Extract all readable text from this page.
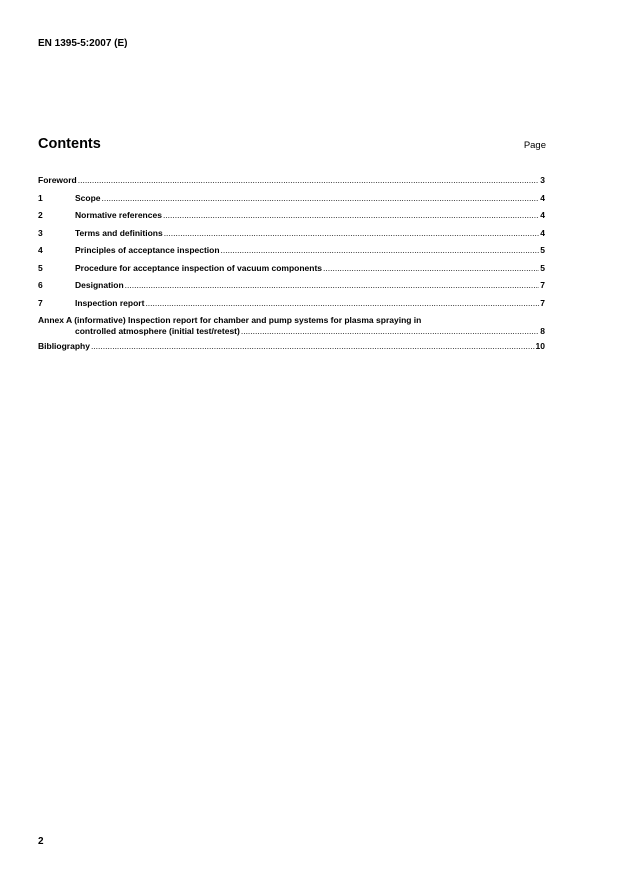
EN 1395-5:2007 (E)
Contents	Page
Foreword .....	3
1	Scope .....	4
2	Normative references .....	4
3	Terms and definitions .....	4
4	Principles of acceptance inspection .....	5
5	Procedure for acceptance inspection of vacuum components .....	5
6	Designation .....	7
7	Inspection report .....	7
Annex A (informative) Inspection report for chamber and pump systems for plasma spraying in
controlled atmosphere (initial test/retest) .....	8
Bibliography .....	10
2
